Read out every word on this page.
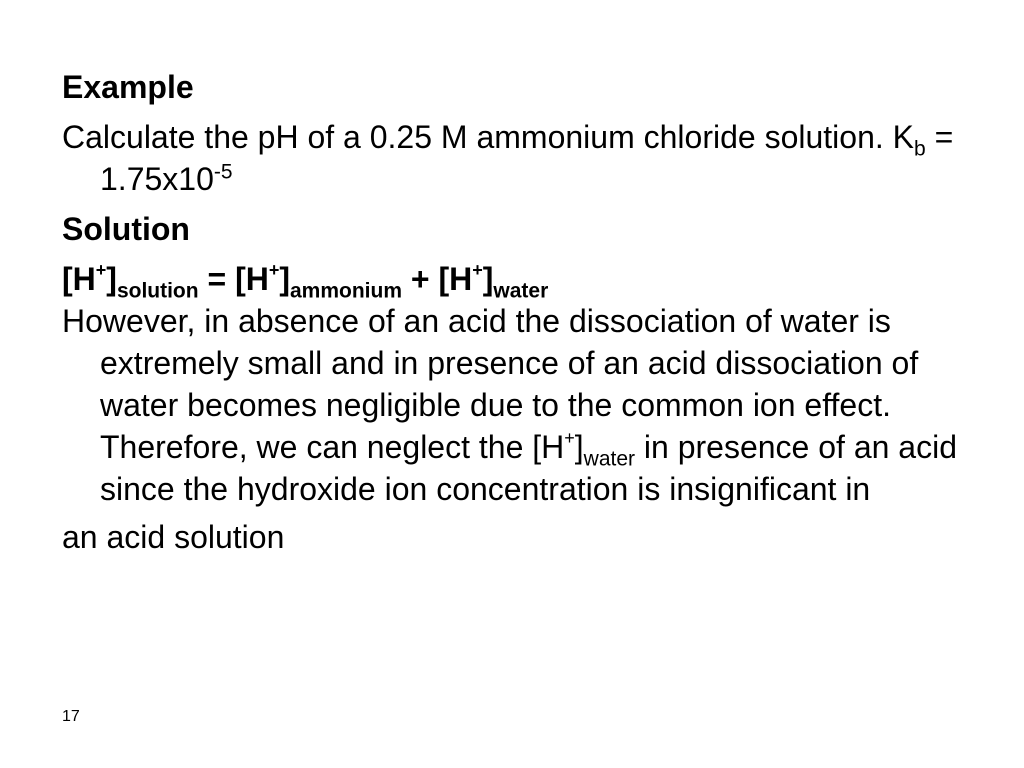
Example
Calculate the pH of a 0.25 M ammonium chloride solution. $K_b = 1.75x10^{-5}$
Solution
$[H^+]_{solution} = [H^+]_{ammonium} + [H^+]_{water}$
However, in absence of an acid the dissociation of water is extremely small and in presence of an acid dissociation of water becomes negligible due to the common ion effect. Therefore, we can neglect the $[H^+]_{water}$ in presence of an acid since the hydroxide ion concentration is insignificant in
an acid solution
17
